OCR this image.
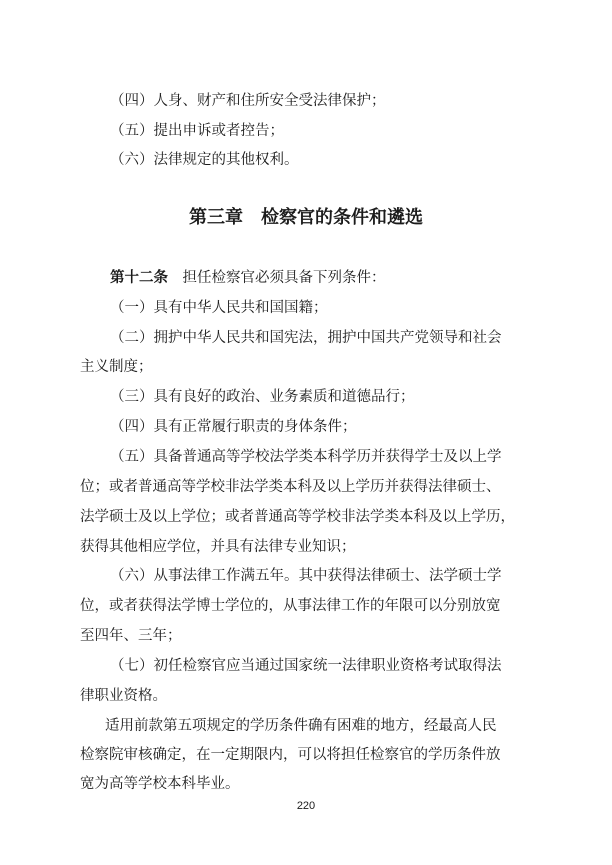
（四）人身、财产和住所安全受法律保护；
（五）提出申诉或者控告；
（六）法律规定的其他权利。
第三章　检察官的条件和遴选
第十二条　担任检察官必须具备下列条件：
（一）具有中华人民共和国国籍；
（二）拥护中华人民共和国宪法，拥护中国共产党领导和社会
主义制度；
（三）具有良好的政治、业务素质和道德品行；
（四）具有正常履行职责的身体条件；
（五）具备普通高等学校法学类本科学历并获得学士及以上学
位；或者普通高等学校非法学类本科及以上学历并获得法律硕士、
法学硕士及以上学位；或者普通高等学校非法学类本科及以上学历，
获得其他相应学位，并具有法律专业知识；
（六）从事法律工作满五年。其中获得法律硕士、法学硕士学
位，或者获得法学博士学位的，从事法律工作的年限可以分别放宽
至四年、三年；
（七）初任检察官应当通过国家统一法律职业资格考试取得法
律职业资格。
适用前款第五项规定的学历条件确有困难的地方，经最高人民
检察院审核确定，在一定期限内，可以将担任检察官的学历条件放
宽为高等学校本科毕业。
220
